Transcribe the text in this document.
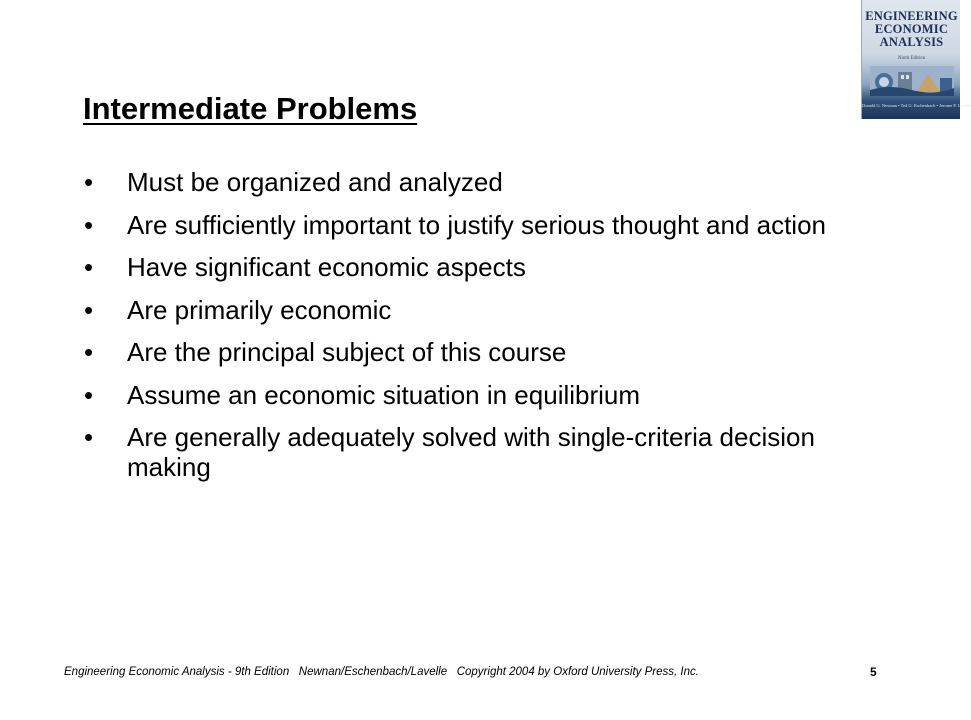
ENGINEERING
ECONOMIC
ANALYSIS
Ninth Edition
Donald G. Newnan • Ted G. Eschenbach • Jerome P. Lavelle
Intermediate Problems
•	Must be organized and analyzed
•	Are sufficiently important to justify serious thought and action
•	Have significant economic aspects
•	Are primarily economic
•	Are the principal subject of this course
•	Assume an economic situation in equilibrium
•	Are generally adequately solved with single-criteria decision making
Engineering Economic Analysis - 9th Edition   Newnan/Eschenbach/Lavelle   Copyright 2004 by Oxford University Press, Inc.	5
